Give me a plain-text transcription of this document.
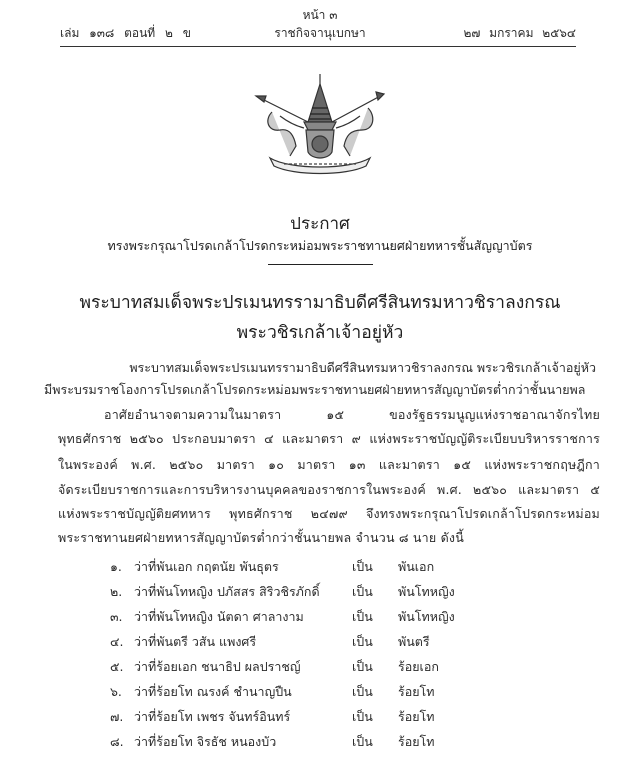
หน้า ๓
เล่ม ๑๓๘ ตอนที่ ๒ ข	ราชกิจจานุเบกษา	๒๗ มกราคม ๒๕๖๔
ประกาศ
ทรงพระกรุณาโปรดเกล้าโปรดกระหม่อมพระราชทานยศฝ่ายทหารชั้นสัญญาบัตร
พระบาทสมเด็จพระปรเมนทรรามาธิบดีศรีสินทรมหาวชิราลงกรณ
พระวชิรเกล้าเจ้าอยู่หัว
พระบาทสมเด็จพระปรเมนทรรามาธิบดีศรีสินทรมหาวชิราลงกรณ พระวชิรเกล้าเจ้าอยู่หัว
มีพระบรมราชโองการโปรดเกล้าโปรดกระหม่อมพระราชทานยศฝ่ายทหารสัญญาบัตรต่ำกว่าชั้นนายพล
อาศัยอำนาจตามความในมาตรา ๑๕ ของรัฐธรรมนูญแห่งราชอาณาจักรไทย
พุทธศักราช ๒๕๖๐ ประกอบมาตรา ๔ และมาตรา ๙ แห่งพระราชบัญญัติระเบียบบริหารราชการ
ในพระองค์ พ.ศ. ๒๕๖๐ มาตรา ๑๐ มาตรา ๑๓ และมาตรา ๑๕ แห่งพระราชกฤษฎีกา
จัดระเบียบราชการและการบริหารงานบุคคลของราชการในพระองค์ พ.ศ. ๒๕๖๐ และมาตรา ๕
แห่งพระราชบัญญัติยศทหาร พุทธศักราช ๒๔๗๙ จึงทรงพระกรุณาโปรดเกล้าโปรดกระหม่อม
พระราชทานยศฝ่ายทหารสัญญาบัตรต่ำกว่าชั้นนายพล จำนวน ๘ นาย ดังนี้
๑. ว่าที่พันเอก กฤตนัย พันธุตร	เป็น พันเอก
๒. ว่าที่พันโทหญิง ปภัสสร สิริวชิรภักดิ์	เป็น พันโทหญิง
๓. ว่าที่พันโทหญิง นัตดา ศาลางาม	เป็น พันโทหญิง
๔. ว่าที่พันตรี วสัน แพงศรี	เป็น พันตรี
๕. ว่าที่ร้อยเอก ชนาธิป ผลปราชญ์	เป็น ร้อยเอก
๖. ว่าที่ร้อยโท ณรงค์ ชำนาญปืน	เป็น ร้อยโท
๗. ว่าที่ร้อยโท เพชร จันทร์อินทร์	เป็น ร้อยโท
๘. ว่าที่ร้อยโท จิรธัช หนองบัว	เป็น ร้อยโท
